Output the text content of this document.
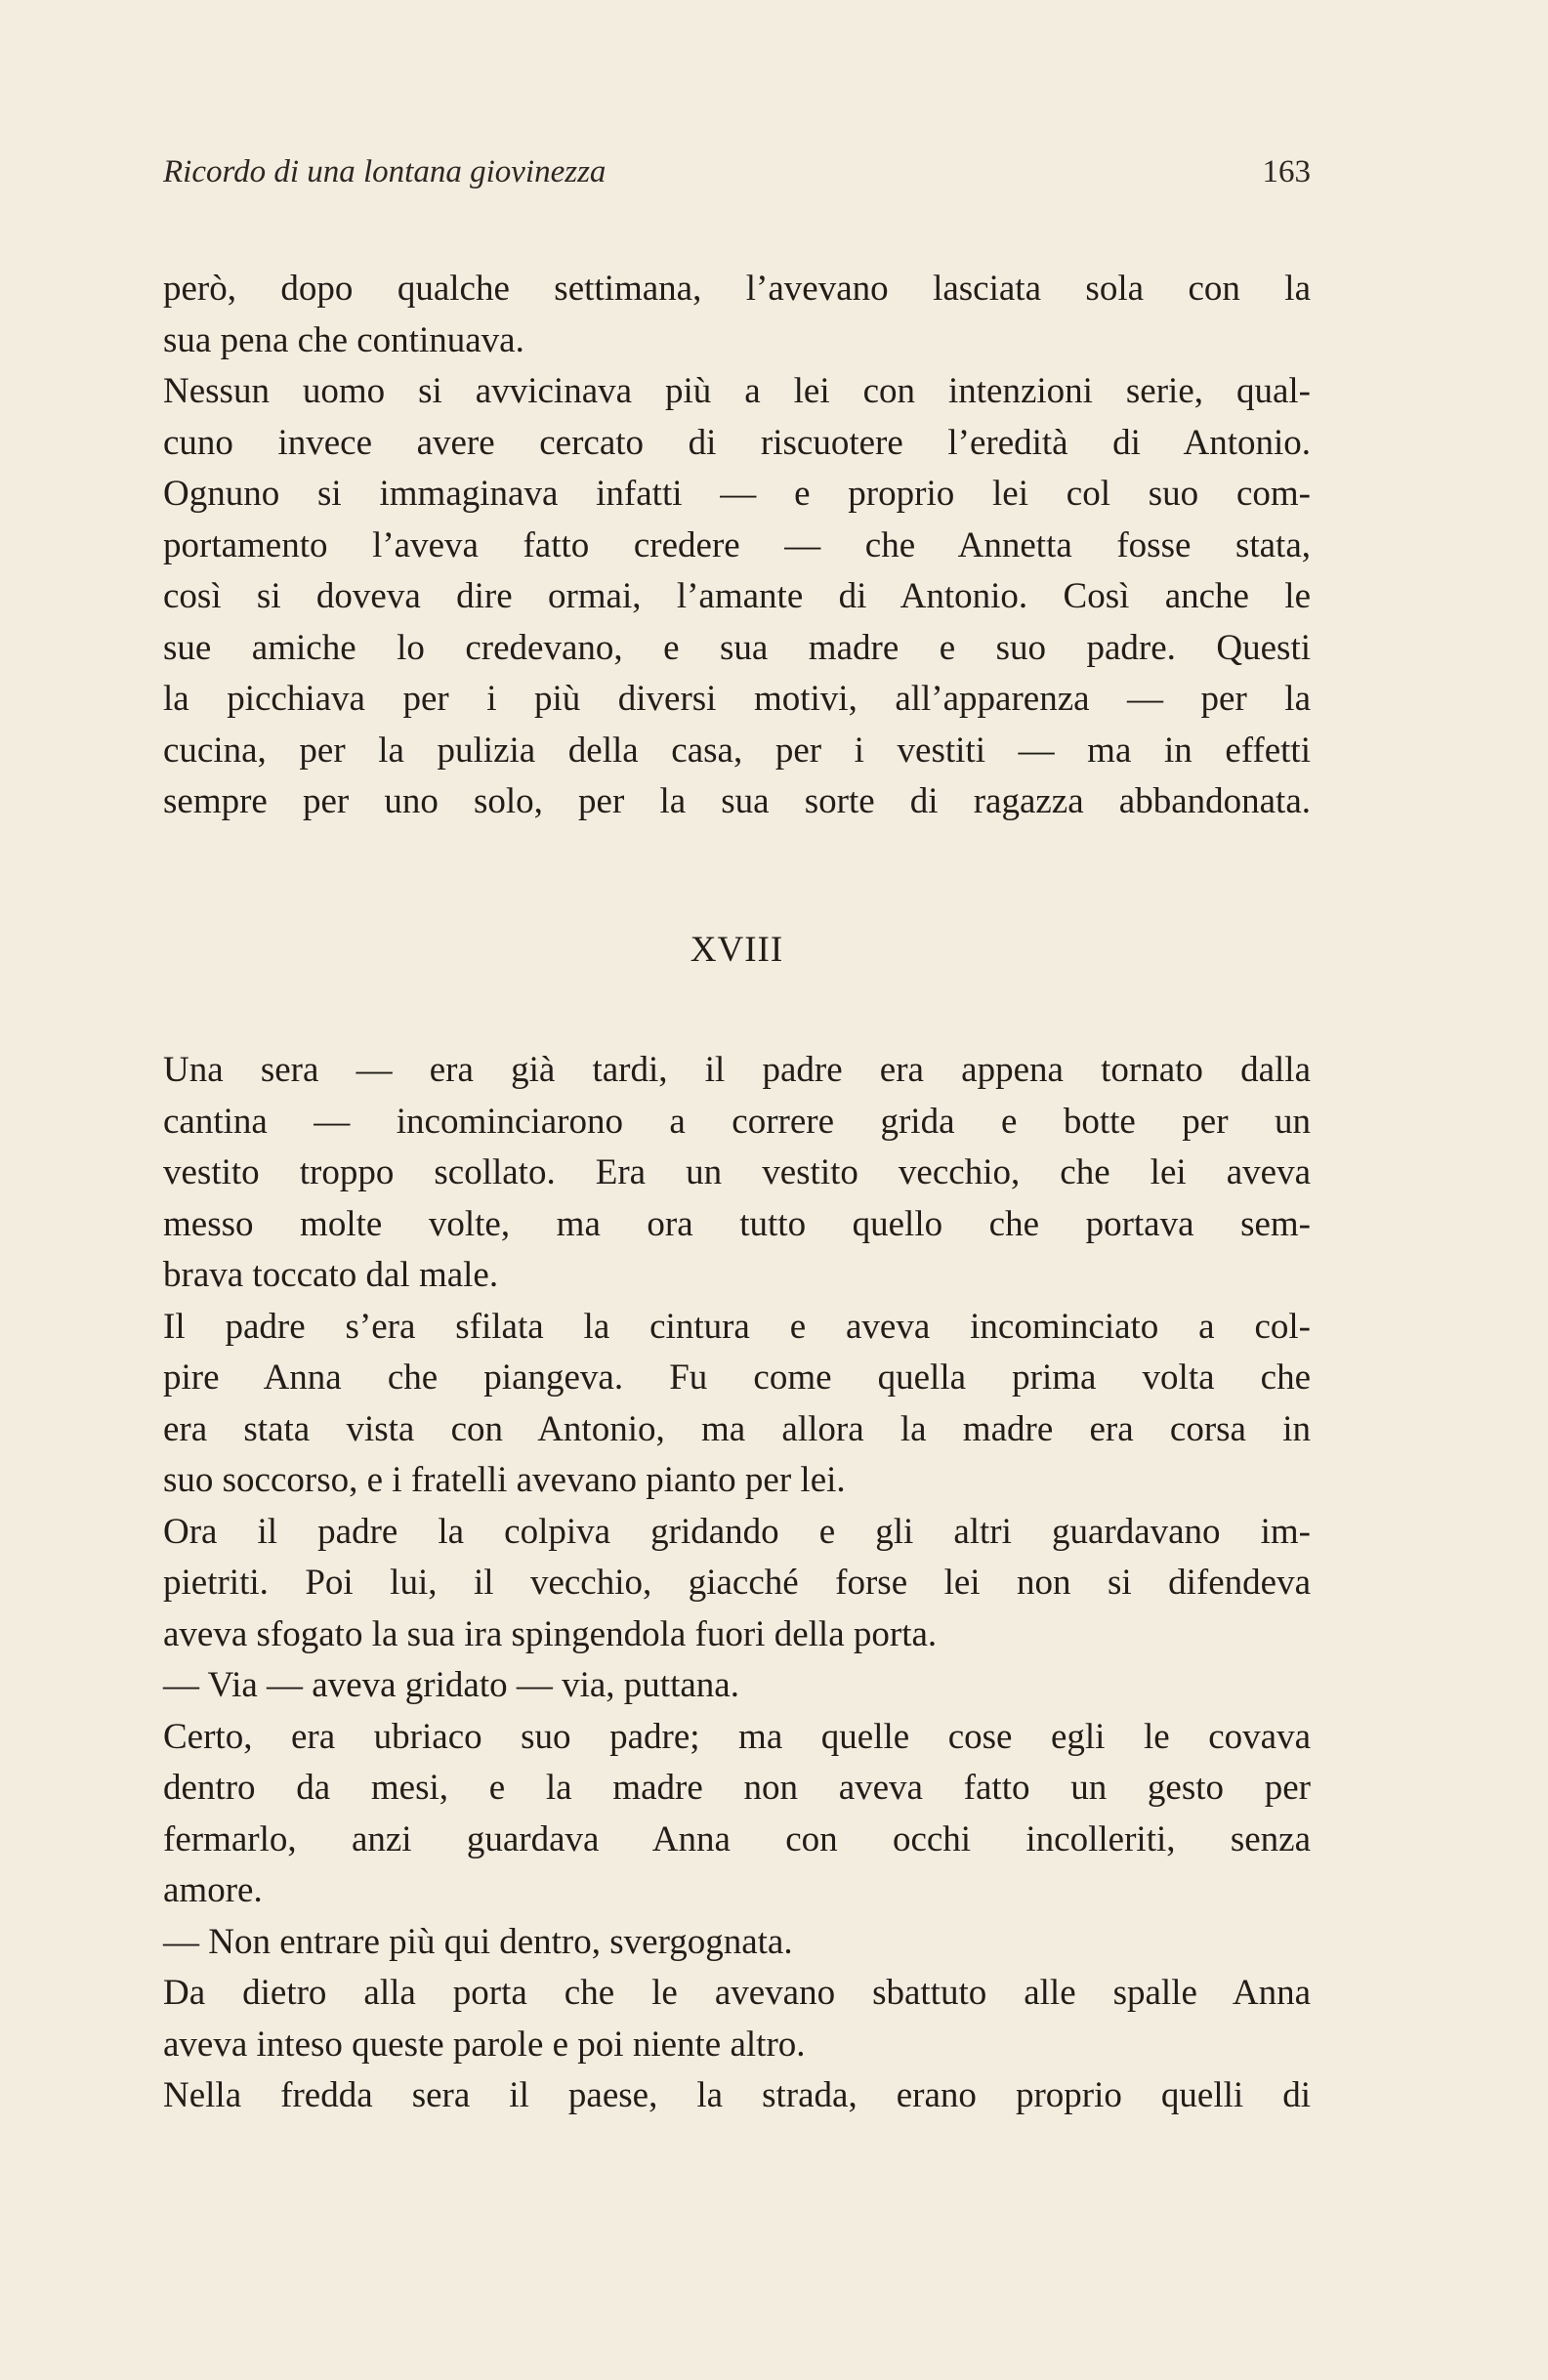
Ricordo di una lontana giovinezza	163
però, dopo qualche settimana, l’avevano lasciata sola con la
sua pena che continuava.
Nessun uomo si avvicinava più a lei con intenzioni serie, qual-
cuno invece avere cercato di riscuotere l’eredità di Antonio.
Ognuno si immaginava infatti — e proprio lei col suo com-
portamento l’aveva fatto credere — che Annetta fosse stata,
così si doveva dire ormai, l’amante di Antonio. Così anche le
sue amiche lo credevano, e sua madre e suo padre. Questi
la picchiava per i più diversi motivi, all’apparenza — per la
cucina, per la pulizia della casa, per i vestiti — ma in effetti
sempre per uno solo, per la sua sorte di ragazza abbandonata.
XVIII
Una sera — era già tardi, il padre era appena tornato dalla
cantina — incominciarono a correre grida e botte per un
vestito troppo scollato. Era un vestito vecchio, che lei aveva
messo molte volte, ma ora tutto quello che portava sem-
brava toccato dal male.
Il padre s’era sfilata la cintura e aveva incominciato a col-
pire Anna che piangeva. Fu come quella prima volta che
era stata vista con Antonio, ma allora la madre era corsa in
suo soccorso, e i fratelli avevano pianto per lei.
Ora il padre la colpiva gridando e gli altri guardavano im-
pietriti. Poi lui, il vecchio, giacché forse lei non si difendeva
aveva sfogato la sua ira spingendola fuori della porta.
— Via — aveva gridato — via, puttana.
Certo, era ubriaco suo padre; ma quelle cose egli le covava
dentro da mesi, e la madre non aveva fatto un gesto per
fermarlo, anzi guardava Anna con occhi incolleriti, senza
amore.
— Non entrare più qui dentro, svergognata.
Da dietro alla porta che le avevano sbattuto alle spalle Anna
aveva inteso queste parole e poi niente altro.
Nella fredda sera il paese, la strada, erano proprio quelli di
